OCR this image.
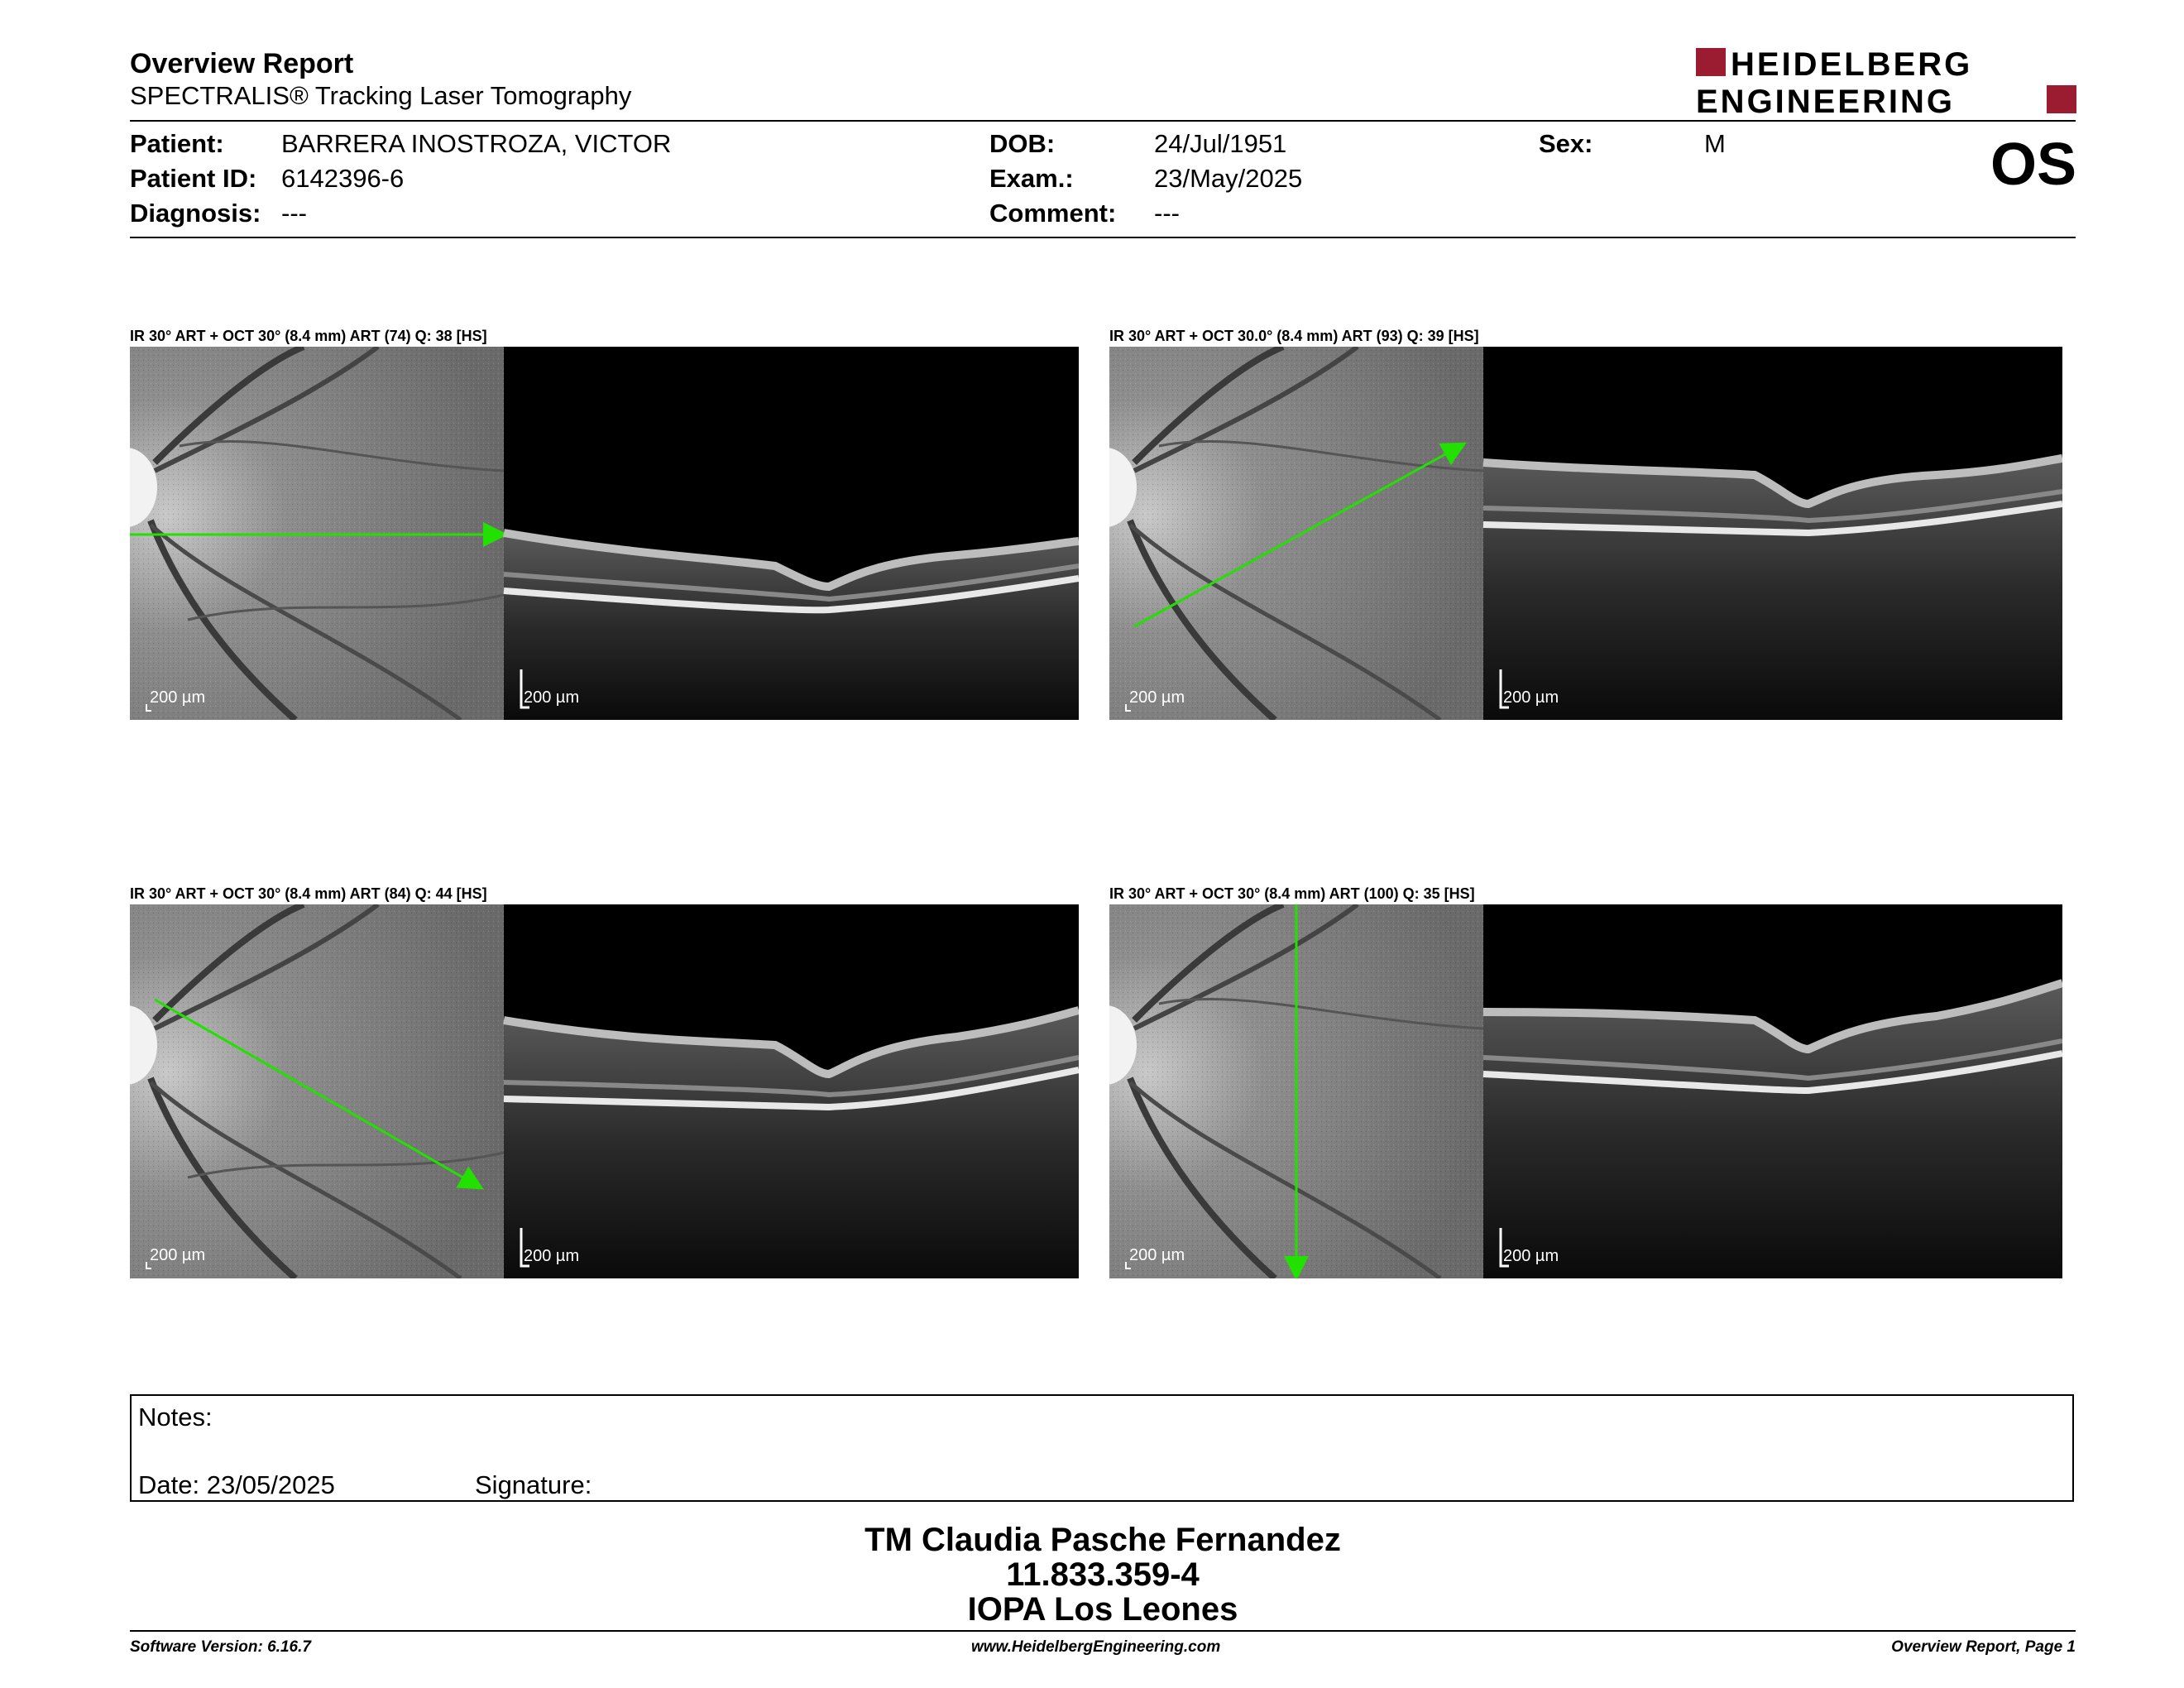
Overview Report
SPECTRALIS® Tracking Laser Tomography
HEIDELBERG
ENGINEERING
Patient: BARRERA INOSTROZA, VICTOR
Patient ID: 6142396-6
Diagnosis: ---
DOB:	24/Jul/1951
Exam.:	23/May/2025
Comment: ---
Sex:	M	OS
IR 30° ART + OCT 30° (8.4 mm) ART (74) Q: 38 [HS]
200 µm	200 µm
IR 30° ART + OCT 30.0° (8.4 mm) ART (93) Q: 39 [HS]
200 µm	200 µm
IR 30° ART + OCT 30° (8.4 mm) ART (84) Q: 44 [HS]
200 µm	200 µm
IR 30° ART + OCT 30° (8.4 mm) ART (100) Q: 35 [HS]
200 µm	200 µm
Notes:
Date: 23/05/2025	Signature:
TM Claudia Pasche Fernandez
11.833.359-4
IOPA Los Leones
Software Version: 6.16.7	www.HeidelbergEngineering.com	Overview Report, Page 1
